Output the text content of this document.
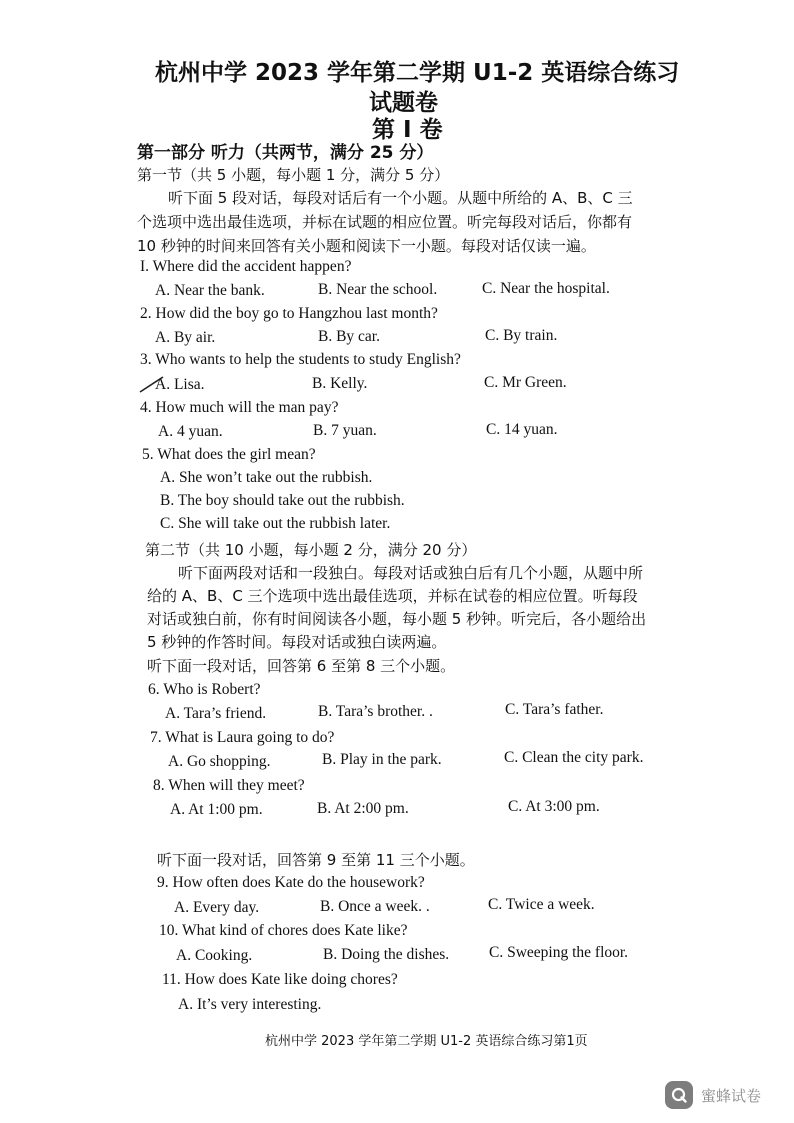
杭州中学 2023 学年第二学期 U1-2 英语综合练习
试题卷
第 I 卷
第一部分 听力（共两节，满分 25 分）
第一节（共 5 小题，每小题 1 分，满分 5 分）
听下面 5 段对话，每段对话后有一个小题。从题中所给的 A、B、C 三
个选项中选出最佳选项，并标在试题的相应位置。听完每段对话后，你都有
10 秒钟的时间来回答有关小题和阅读下一小题。每段对话仅读一遍。
I. Where did the accident happen?
A. Near the bank.	B. Near the school.	C. Near the hospital.
2. How did the boy go to Hangzhou last month?
A. By air.	B. By car.	C. By train.
3. Who wants to help the students to study English?
A. Lisa.	B. Kelly.	C. Mr Green.
4. How much will the man pay?
A. 4 yuan.	B. 7 yuan.	C. 14 yuan.
5. What does the girl mean?
A. She won’t take out the rubbish.
B. The boy should take out the rubbish.
C. She will take out the rubbish later.
第二节（共 10 小题，每小题 2 分，满分 20 分）
听下面两段对话和一段独白。每段对话或独白后有几个小题，从题中所
给的 A、B、C 三个选项中选出最佳选项，并标在试卷的相应位置。听每段
对话或独白前，你有时间阅读各小题，每小题 5 秒钟。听完后，各小题给出
5 秒钟的作答时间。每段对话或独白读两遍。
听下面一段对话，回答第 6 至第 8 三个小题。
6. Who is Robert?
A. Tara’s friend.	B. Tara’s brother. .	C. Tara’s father.
7. What is Laura going to do?
A. Go shopping.	B. Play in the park.	C. Clean the city park.
8. When will they meet?
A. At 1:00 pm.	B. At 2:00 pm.	C. At 3:00 pm.
听下面一段对话，回答第 9 至第 11 三个小题。
9. How often does Kate do the housework?
A. Every day.	B. Once a week. .	C. Twice a week.
10. What kind of chores does Kate like?
A. Cooking.	B. Doing the dishes.	C. Sweeping the floor.
11. How does Kate like doing chores?
A. It’s very interesting.
杭州中学 2023 学年第二学期 U1-2 英语综合练习第1页
蜜蜂试卷
